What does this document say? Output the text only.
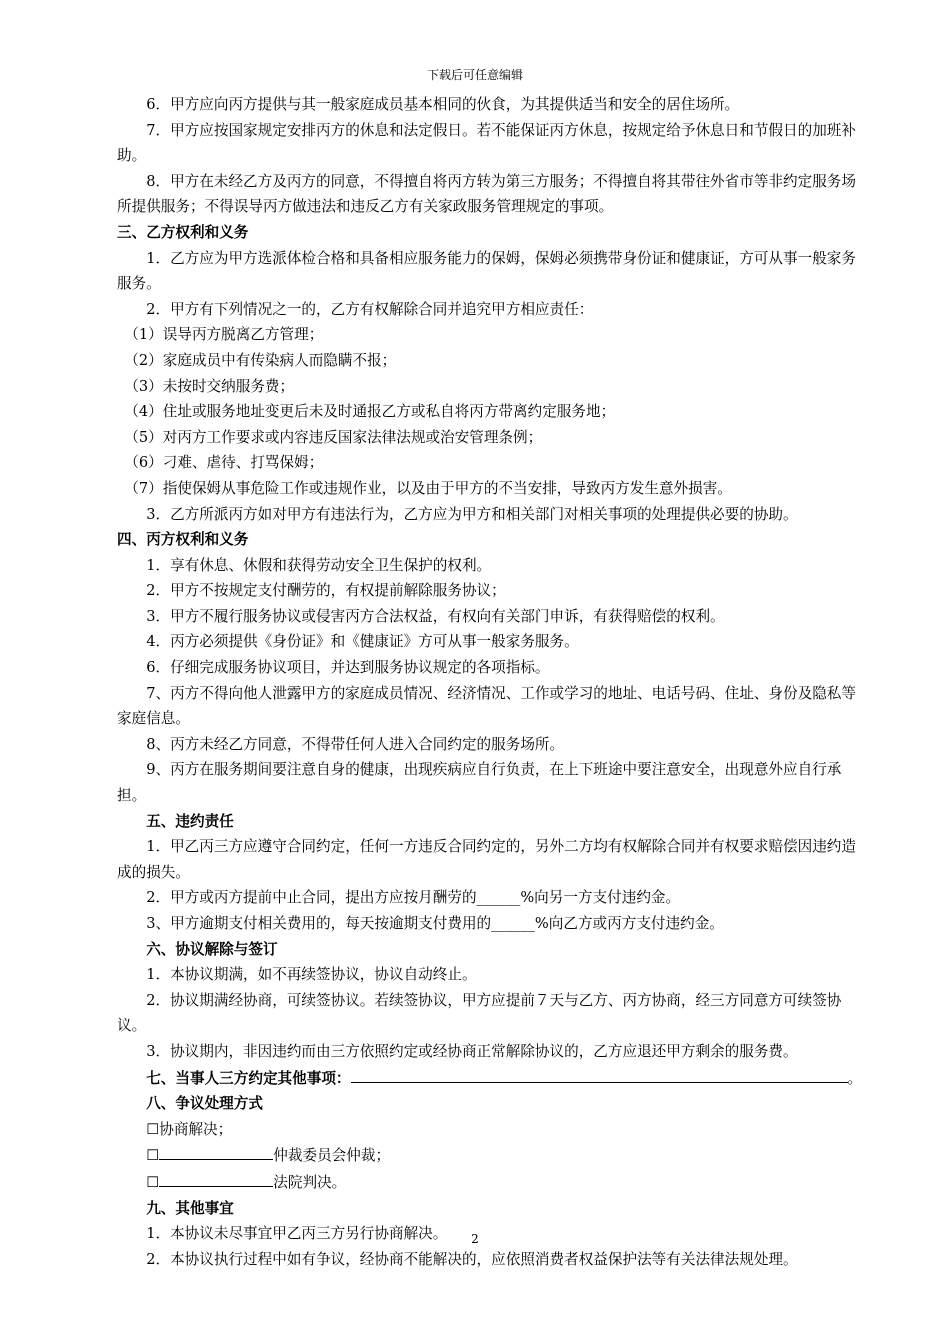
下载后可任意编辑

6．甲方应向丙方提供与其一般家庭成员基本相同的伙食，为其提供适当和安全的居住场所。

7．甲方应按国家规定安排丙方的休息和法定假日。若不能保证丙方休息，按规定给予休息日和节假日的加班补助。

8．甲方在未经乙方及丙方的同意，不得擅自将丙方转为第三方服务；不得擅自将其带往外省市等非约定服务场所提供服务；不得误导丙方做违法和违反乙方有关家政服务管理规定的事项。

三、乙方权利和义务

1．乙方应为甲方选派体检合格和具备相应服务能力的保姆，保姆必须携带身份证和健康证，方可从事一般家务服务。

2．甲方有下列情况之一的，乙方有权解除合同并追究甲方相应责任：

（1）误导丙方脱离乙方管理；

（2）家庭成员中有传染病人而隐瞒不报；

（3）未按时交纳服务费；

（4）住址或服务地址变更后未及时通报乙方或私自将丙方带离约定服务地；

（5）对丙方工作要求或内容违反国家法律法规或治安管理条例；

（6）刁难、虐待、打骂保姆；

（7）指使保姆从事危险工作或违规作业，以及由于甲方的不当安排，导致丙方发生意外损害。

3．乙方所派丙方如对甲方有违法行为，乙方应为甲方和相关部门对相关事项的处理提供必要的协助。

四、丙方权利和义务

1．享有休息、休假和获得劳动安全卫生保护的权利。

2．甲方不按规定支付酬劳的，有权提前解除服务协议；

3．甲方不履行服务协议或侵害丙方合法权益，有权向有关部门申诉，有获得赔偿的权利。

4．丙方必须提供《身份证》和《健康证》方可从事一般家务服务。

6．仔细完成服务协议项目，并达到服务协议规定的各项指标。

7、丙方不得向他人泄露甲方的家庭成员情况、经济情况、工作或学习的地址、电话号码、住址、身份及隐私等家庭信息。

8、丙方未经乙方同意，不得带任何人进入合同约定的服务场所。

9、丙方在服务期间要注意自身的健康，出现疾病应自行负责，在上下班途中要注意安全，出现意外应自行承担。

五、违约责任

1．甲乙丙三方应遵守合同约定，任何一方违反合同约定的，另外二方均有权解除合同并有权要求赔偿因违约造成的损失。

2．甲方或丙方提前中止合同，提出方应按月酬劳的______%向另一方支付违约金。

3、甲方逾期支付相关费用的，每天按逾期支付费用的______%向乙方或丙方支付违约金。

六、协议解除与签订

1．本协议期满，如不再续签协议，协议自动终止。

2．协议期满经协商，可续签协议。若续签协议，甲方应提前７天与乙方、丙方协商，经三方同意方可续签协议。

3．协议期内，非因违约而由三方依照约定或经协商正常解除协议的，乙方应退还甲方剩余的服务费。

七、当事人三方约定其他事项：	。

八、争议处理方式

☐协商解决；

☐	仲裁委员会仲裁；

☐	法院判决。

九、其他事宜

1．本协议未尽事宜甲乙丙三方另行协商解决。

2．本协议执行过程中如有争议，经协商不能解决的，应依照消费者权益保护法等有关法律法规处理。

2
